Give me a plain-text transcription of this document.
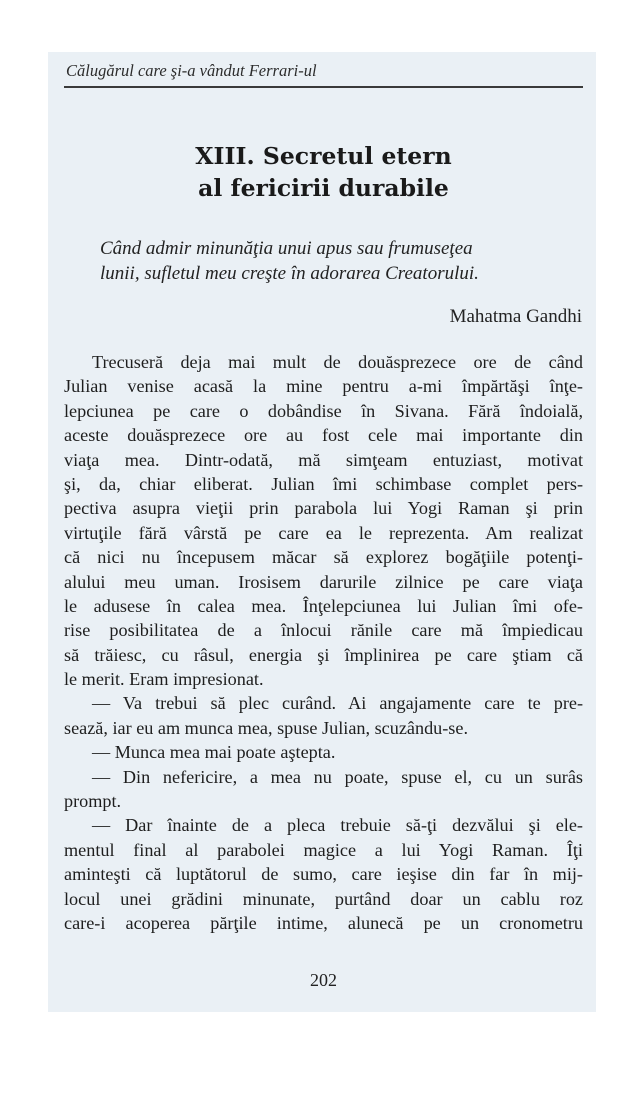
Călugărul care şi-a vândut Ferrari-ul
XIII. Secretul etern
al fericirii durabile
Când admir minunăţia unui apus sau frumuseţea
lunii, sufletul meu creşte în adorarea Creatorului.
Mahatma Gandhi
Trecuseră deja mai mult de douăsprezece ore de când
Julian venise acasă la mine pentru a-mi împărtăşi înţe-
lepciunea pe care o dobândise în Sivana. Fără îndoială,
aceste douăsprezece ore au fost cele mai importante din
viaţa mea. Dintr-odată, mă simţeam entuziast, motivat
şi, da, chiar eliberat. Julian îmi schimbase complet pers-
pectiva asupra vieţii prin parabola lui Yogi Raman şi prin
virtuţile fără vârstă pe care ea le reprezenta. Am realizat
că nici nu începusem măcar să explorez bogăţiile potenţi-
alului meu uman. Irosisem darurile zilnice pe care viaţa
le adusese în calea mea. Înţelepciunea lui Julian îmi ofe-
rise posibilitatea de a înlocui rănile care mă împiedicau
să trăiesc, cu râsul, energia şi împlinirea pe care ştiam că
le merit. Eram impresionat.
— Va trebui să plec curând. Ai angajamente care te pre-
sează, iar eu am munca mea, spuse Julian, scuzându-se.
— Munca mea mai poate aştepta.
— Din nefericire, a mea nu poate, spuse el, cu un surâs
prompt.
— Dar înainte de a pleca trebuie să-ţi dezvălui şi ele-
mentul final al parabolei magice a lui Yogi Raman. Îţi
aminteşti că luptătorul de sumo, care ieşise din far în mij-
locul unei grădini minunate, purtând doar un cablu roz
care-i acoperea părţile intime, alunecă pe un cronometru
202
